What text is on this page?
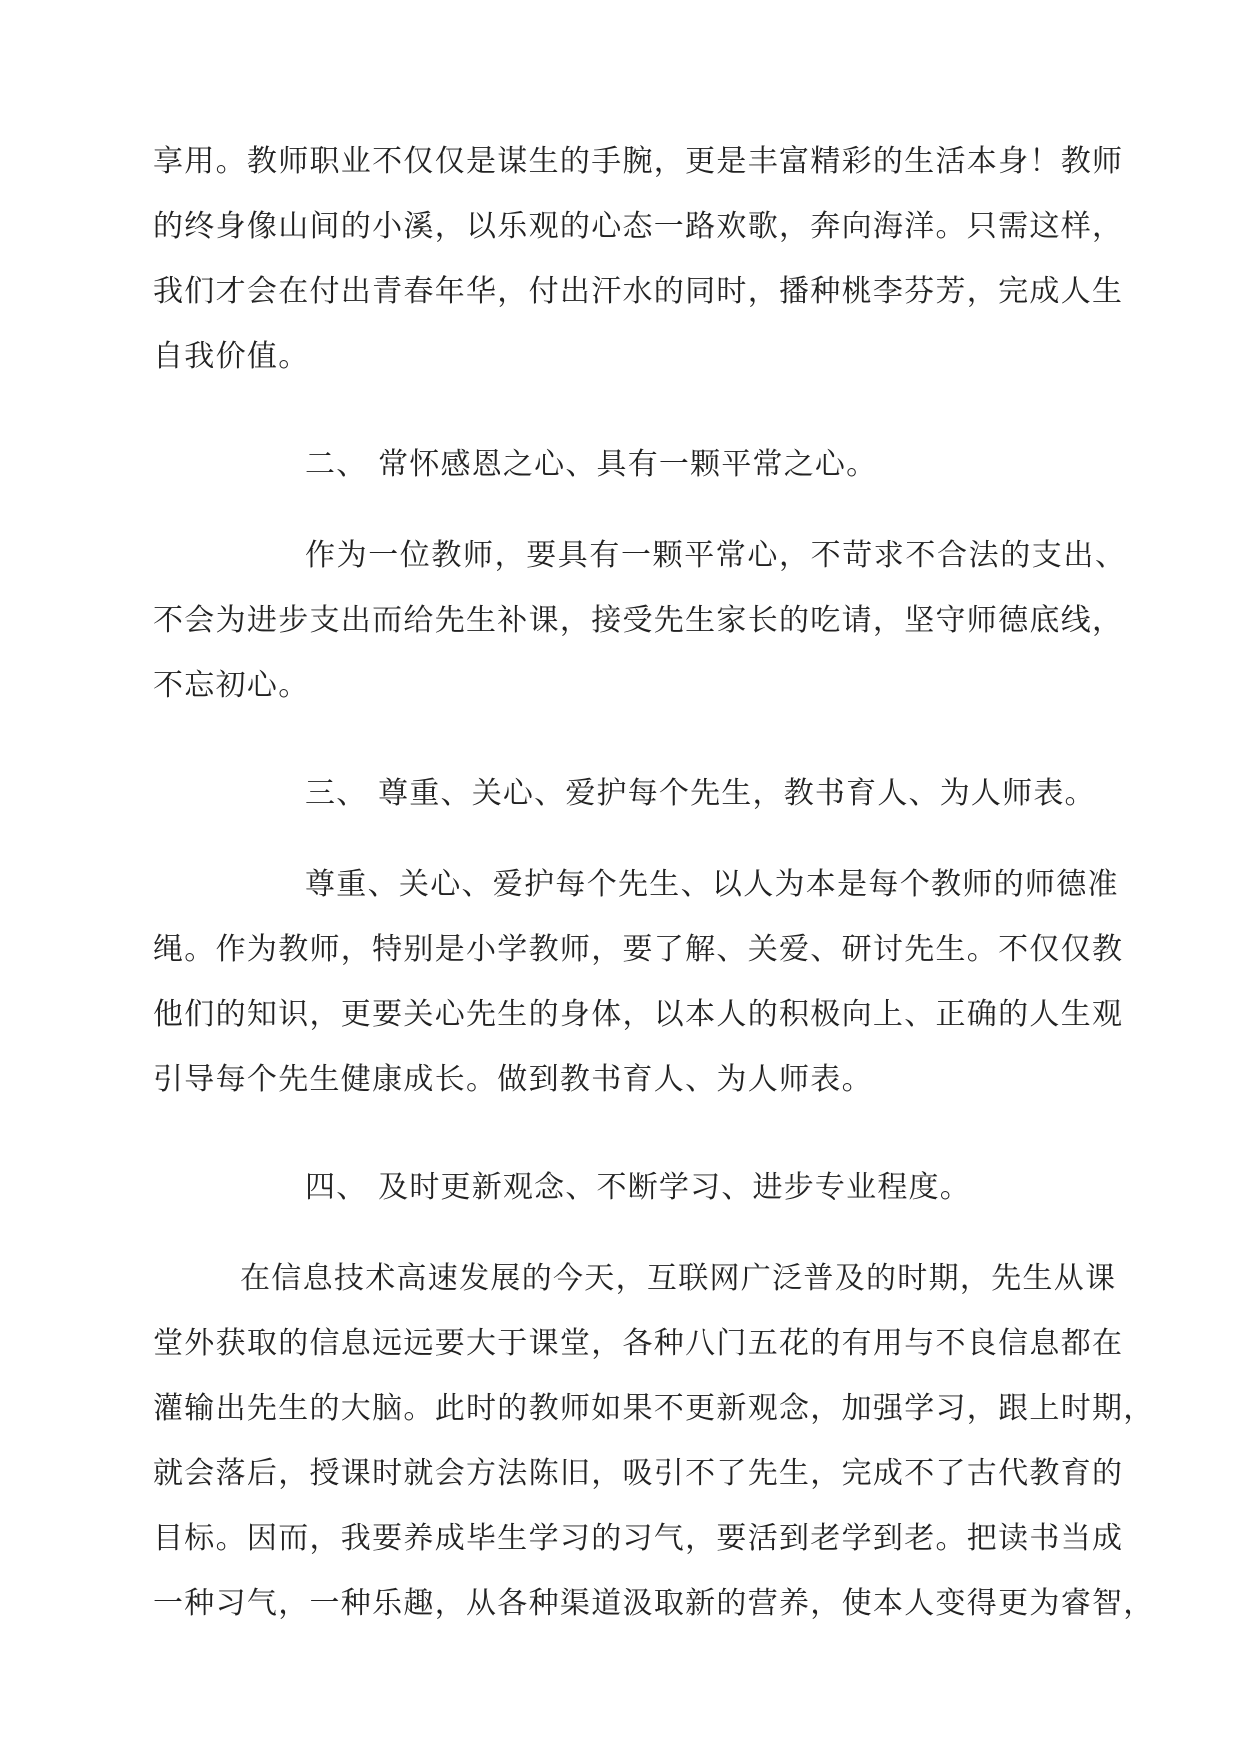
享用。教师职业不仅仅是谋生的手腕，更是丰富精彩的生活本身！教师
的终身像山间的小溪，以乐观的心态一路欢歌，奔向海洋。只需这样，
我们才会在付出青春年华，付出汗水的同时，播种桃李芬芳，完成人生
自我价值。
二、 常怀感恩之心、具有一颗平常之心。
作为一位教师，要具有一颗平常心，不苛求不合法的支出、
不会为进步支出而给先生补课，接受先生家长的吃请，坚守师德底线，
不忘初心。
三、 尊重、关心、爱护每个先生，教书育人、为人师表。
尊重、关心、爱护每个先生、以人为本是每个教师的师德准
绳。作为教师，特别是小学教师，要了解、关爱、研讨先生。不仅仅教
他们的知识，更要关心先生的身体，以本人的积极向上、正确的人生观
引导每个先生健康成长。做到教书育人、为人师表。
四、 及时更新观念、不断学习、进步专业程度。
在信息技术高速发展的今天，互联网广泛普及的时期，先生从课
堂外获取的信息远远要大于课堂，各种八门五花的有用与不良信息都在
灌输出先生的大脑。此时的教师如果不更新观念，加强学习，跟上时期，
就会落后，授课时就会方法陈旧，吸引不了先生，完成不了古代教育的
目标。因而，我要养成毕生学习的习气，要活到老学到老。把读书当成
一种习气，一种乐趣，从各种渠道汲取新的营养，使本人变得更为睿智，
